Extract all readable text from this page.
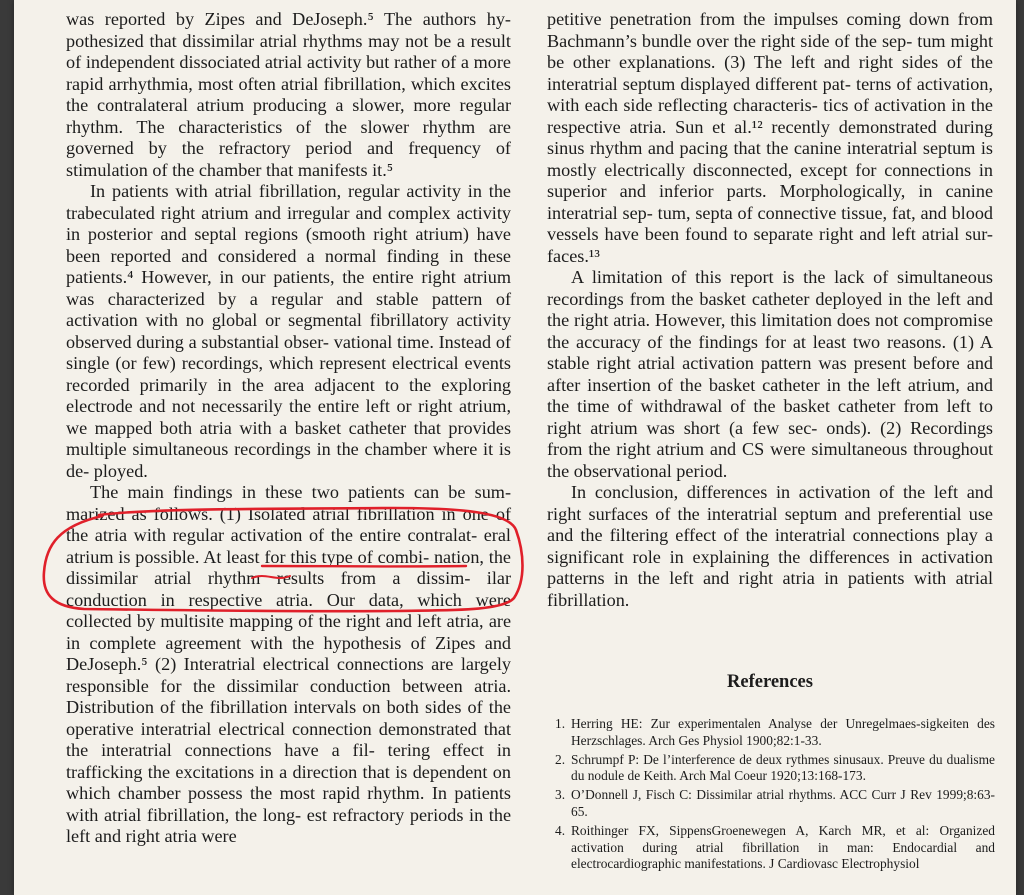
was reported by Zipes and DeJoseph.⁵ The authors hy- pothesized that dissimilar atrial rhythms may not be a result of independent dissociated atrial activity but rather of a more rapid arrhythmia, most often atrial fibrillation, which excites the contralateral atrium producing a slower, more regular rhythm. The characteristics of the slower rhythm are governed by the refractory period and frequency of stimulation of the chamber that manifests it.⁵
In patients with atrial fibrillation, regular activity in the trabeculated right atrium and irregular and complex activity in posterior and septal regions (smooth right atrium) have been reported and considered a normal finding in these patients.⁴ However, in our patients, the entire right atrium was characterized by a regular and stable pattern of activation with no global or segmental fibrillatory activity observed during a substantial obser- vational time. Instead of single (or few) recordings, which represent electrical events recorded primarily in the area adjacent to the exploring electrode and not necessarily the entire left or right atrium, we mapped both atria with a basket catheter that provides multiple simultaneous recordings in the chamber where it is de- ployed.
The main findings in these two patients can be sum- marized as follows. (1) Isolated atrial fibrillation in one of the atria with regular activation of the entire contralat- eral atrium is possible. At least for this type of combi- nation, the dissimilar atrial rhythm results from a dissim- ilar conduction in respective atria. Our data, which were collected by multisite mapping of the right and left atria, are in complete agreement with the hypothesis of Zipes and DeJoseph.⁵ (2) Interatrial electrical connections are largely responsible for the dissimilar conduction between atria. Distribution of the fibrillation intervals on both sides of the operative interatrial electrical connection demonstrated that the interatrial connections have a fil- tering effect in trafficking the excitations in a direction that is dependent on which chamber possess the most rapid rhythm. In patients with atrial fibrillation, the long- est refractory periods in the left and right atria were
petitive penetration from the impulses coming down from Bachmann’s bundle over the right side of the sep- tum might be other explanations. (3) The left and right sides of the interatrial septum displayed different pat- terns of activation, with each side reflecting characteris- tics of activation in the respective atria. Sun et al.¹² recently demonstrated during sinus rhythm and pacing that the canine interatrial septum is mostly electrically disconnected, except for connections in superior and inferior parts. Morphologically, in canine interatrial sep- tum, septa of connective tissue, fat, and blood vessels have been found to separate right and left atrial sur- faces.¹³
A limitation of this report is the lack of simultaneous recordings from the basket catheter deployed in the left and the right atria. However, this limitation does not compromise the accuracy of the findings for at least two reasons. (1) A stable right atrial activation pattern was present before and after insertion of the basket catheter in the left atrium, and the time of withdrawal of the basket catheter from left to right atrium was short (a few sec- onds). (2) Recordings from the right atrium and CS were simultaneous throughout the observational period.
In conclusion, differences in activation of the left and right surfaces of the interatrial septum and preferential use and the filtering effect of the interatrial connections play a significant role in explaining the differences in activation patterns in the left and right atria in patients with atrial fibrillation.
References
1. Herring HE: Zur experimentalen Analyse der Unregelmaes-sigkeiten des Herzschlages. Arch Ges Physiol 1900;82:1-33.
2. Schrumpf P: De l’interference de deux rythmes sinusaux. Preuve du dualisme du nodule de Keith. Arch Mal Coeur 1920;13:168-173.
3. O’Donnell J, Fisch C: Dissimilar atrial rhythms. ACC Curr J Rev 1999;8:63-65.
4. Roithinger FX, SippensGroenewegen A, Karch MR, et al: Organized activation during atrial fibrillation in man: Endocardial and electrocardiographic manifestations. J Cardiovasc Electrophysiol
